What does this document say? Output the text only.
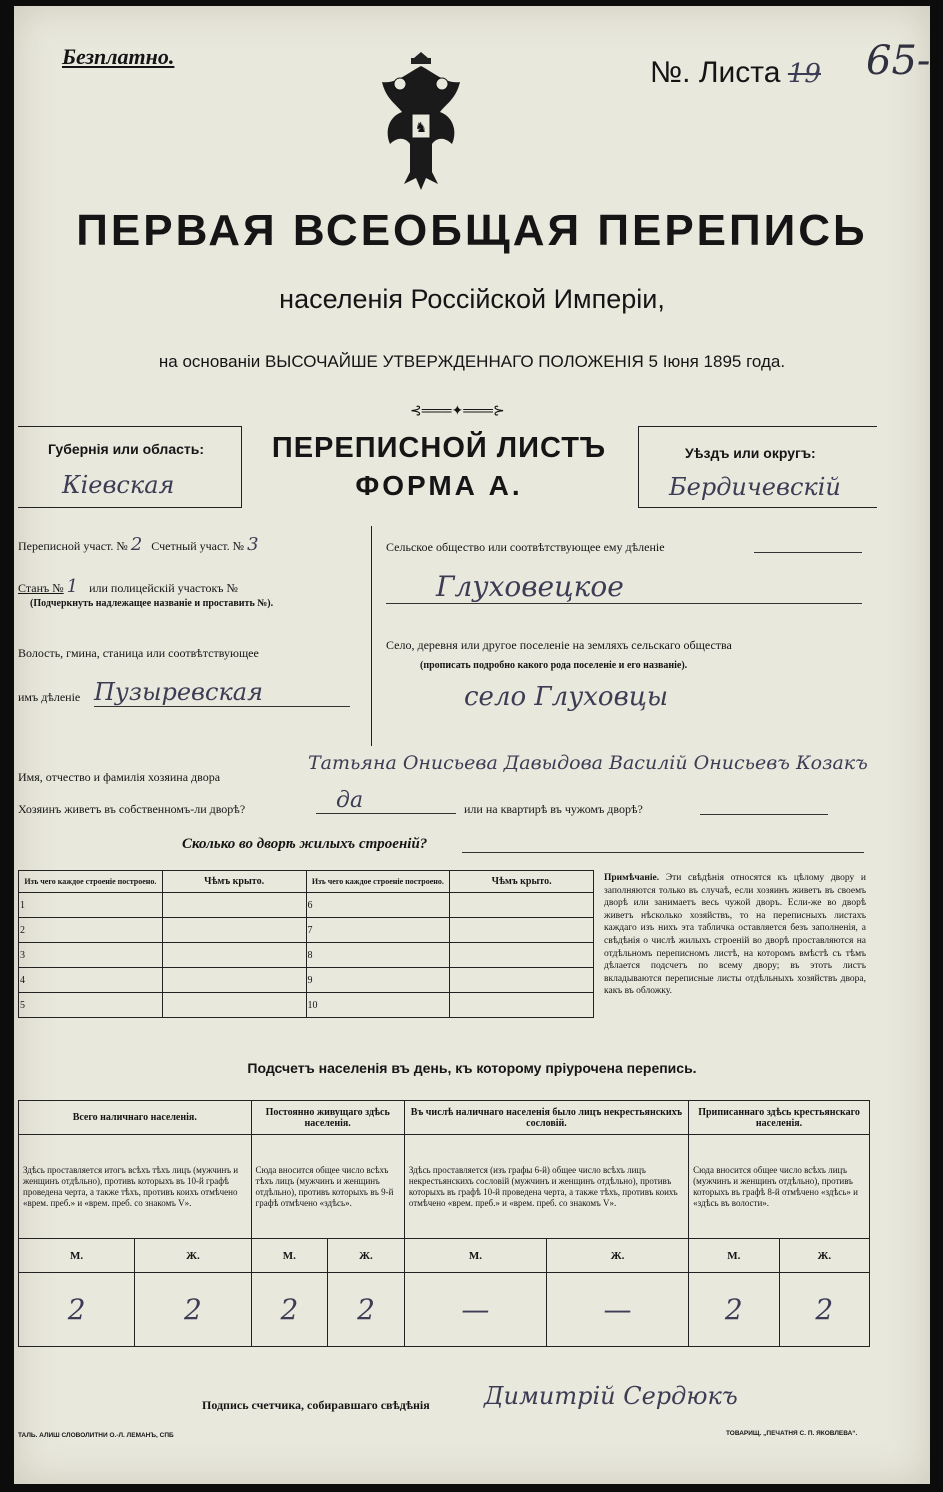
Безплатно.
♞
№. Листа 19 65-
ПЕРВАЯ ВСЕОБЩАЯ ПЕРЕПИСЬ
населенія Россійской Имперіи,
на основаніи ВЫСОЧАЙШЕ УТВЕРЖДЕННАГО ПОЛОЖЕНІЯ 5 Іюня 1895 года.
⊰═══✦═══⊱
Губернія или область:
Кіевская
ПЕРЕПИСНОЙ ЛИСТЪ
ФОРМА А.
Уѣздъ или округъ:
Бердичевскій
Переписной участ. № 2 Счетный участ. № 3
Станъ № 1 или полицейскій участокъ №
(Подчеркнуть надлежащее названіе и проставить №).
Волость, гмина, станица или соотвѣтствующее
имъ дѣленіе Пузыревская
Сельское общество или соотвѣтствующее ему дѣленіе
Глуховецкое
Село, деревня или другое поселеніе на земляхъ сельскаго общества
(прописать подробно какого рода поселеніе и его названіе).
село Глуховцы
Имя, отчество и фамилія хозяина двора
Татьяна Онисьева Давыдова Василій Онисьевъ Козакъ
Хозяинъ живетъ въ собственномъ-ли дворѣ?	да	или на квартирѣ въ чужомъ дворѣ?
Сколько во дворѣ жилыхъ строеній?
Изъ чего каждое строеніе построено.	Чѣмъ крыто.	Изъ чего каждое строеніе построено.	Чѣмъ крыто.
1		6	
2		7	
3		8	
4		9	
5		10	
Примѣчаніе. Эти свѣдѣнія относятся къ цѣлому двору и заполняются только въ случаѣ, если хозяинъ живетъ въ своемъ дворѣ или занимаетъ весь чужой дворъ. Если-же во дворѣ живетъ нѣсколько хозяйствъ, то на переписныхъ листахъ каждаго изъ нихъ эта табличка оставляется безъ заполненія, а свѣдѣнія о числѣ жилыхъ строеній во дворѣ проставляются на отдѣльномъ переписномъ листѣ, на которомъ вмѣстѣ съ тѣмъ дѣлается подсчетъ по всему двору; въ этотъ листъ вкладываются переписные листы отдѣльныхъ хозяйствъ двора, какъ въ обложку.
Подсчетъ населенія въ день, къ которому пріурочена перепись.
Всего наличнаго населенія.		Постоянно живущаго здѣсь населенія.		Въ числѣ наличнаго населенія было лицъ некрестьянскихъ сословій.		Приписаннаго здѣсь крестьянскаго населенія.	
Здѣсь проставляется итогъ всѣхъ тѣхъ лицъ (мужчинъ и женщинъ отдѣльно), противъ которыхъ въ 10-й графѣ проведена черта, а также тѣхъ, противъ коихъ отмѣчено «врем. преб.» и «врем. преб. со знакомъ V».		Сюда вносится общее число всѣхъ тѣхъ лицъ (мужчинъ и женщинъ отдѣльно), противъ которыхъ въ 9-й графѣ отмѣчено «здѣсь».		Здѣсь проставляется (изъ графы 6-й) общее число всѣхъ лицъ некрестьянскихъ сословій (мужчинъ и женщинъ отдѣльно), противъ которыхъ въ графѣ 10-й проведена черта, а также тѣхъ, противъ коихъ отмѣчено «врем. преб.» и «врем. преб. со знакомъ V».		Сюда вносится общее число всѣхъ лицъ (мужчинъ и женщинъ отдѣльно), противъ которыхъ въ графѣ 8-й отмѣчено «здѣсь» и «здѣсь въ волости».	
М.	Ж.	М.	Ж.	М.	Ж.	М.	Ж.
2	2	2	2	—	—	2	2
Подпись счетчика, собиравшаго свѣдѣнія Димитрій Сердюкъ
ТАЛЬ. АЛИШ СЛОВОЛИТНИ О.-Л. ЛЕМАНЪ, СПБ	ТОВАРИЩ. „ПЕЧАТНЯ С. П. ЯКОВЛЕВА“.
